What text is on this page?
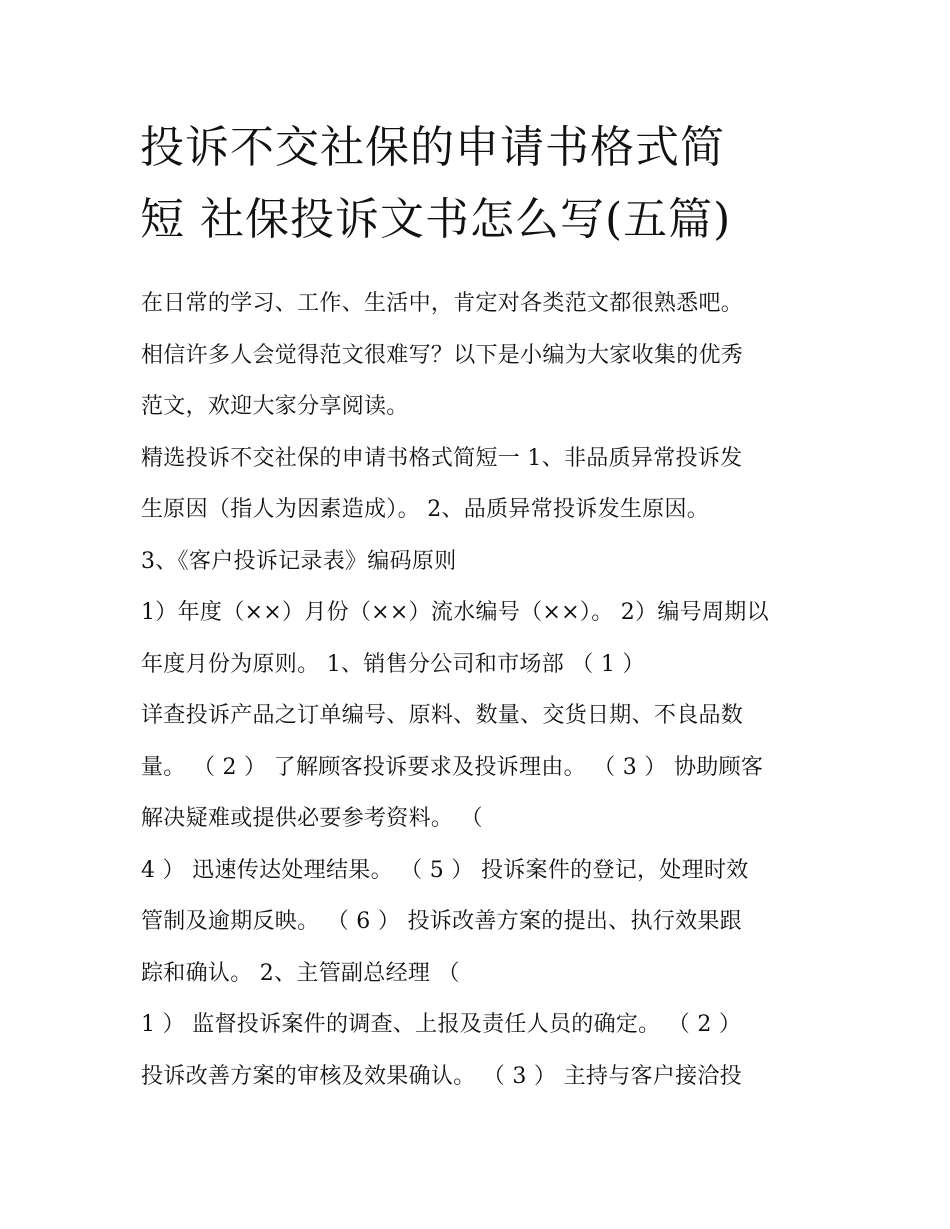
投诉不交社保的申请书格式简
短 社保投诉文书怎么写(五篇)
在日常的学习、工作、生活中，肯定对各类范文都很熟悉吧。
相信许多人会觉得范文很难写？以下是小编为大家收集的优秀
范文，欢迎大家分享阅读。
精选投诉不交社保的申请书格式简短一 1、非品质异常投诉发
生原因（指人为因素造成）。 2、品质异常投诉发生原因。
3、《客户投诉记录表》编码原则
1）年度（××）月份（××）流水编号（××）。 2）编号周期以
年度月份为原则。 1、销售分公司和市场部 （ 1 ）
详查投诉产品之订单编号、原料、数量、交货日期、不良品数
量。 （ 2 ） 了解顾客投诉要求及投诉理由。 （ 3 ） 协助顾客
解决疑难或提供必要参考资料。 （
4 ） 迅速传达处理结果。 （ 5 ） 投诉案件的登记，处理时效
管制及逾期反映。 （ 6 ） 投诉改善方案的提出、执行效果跟
踪和确认。 2、主管副总经理 （
1 ） 监督投诉案件的调查、上报及责任人员的确定。 （ 2 ）
投诉改善方案的审核及效果确认。 （ 3 ） 主持与客户接洽投
